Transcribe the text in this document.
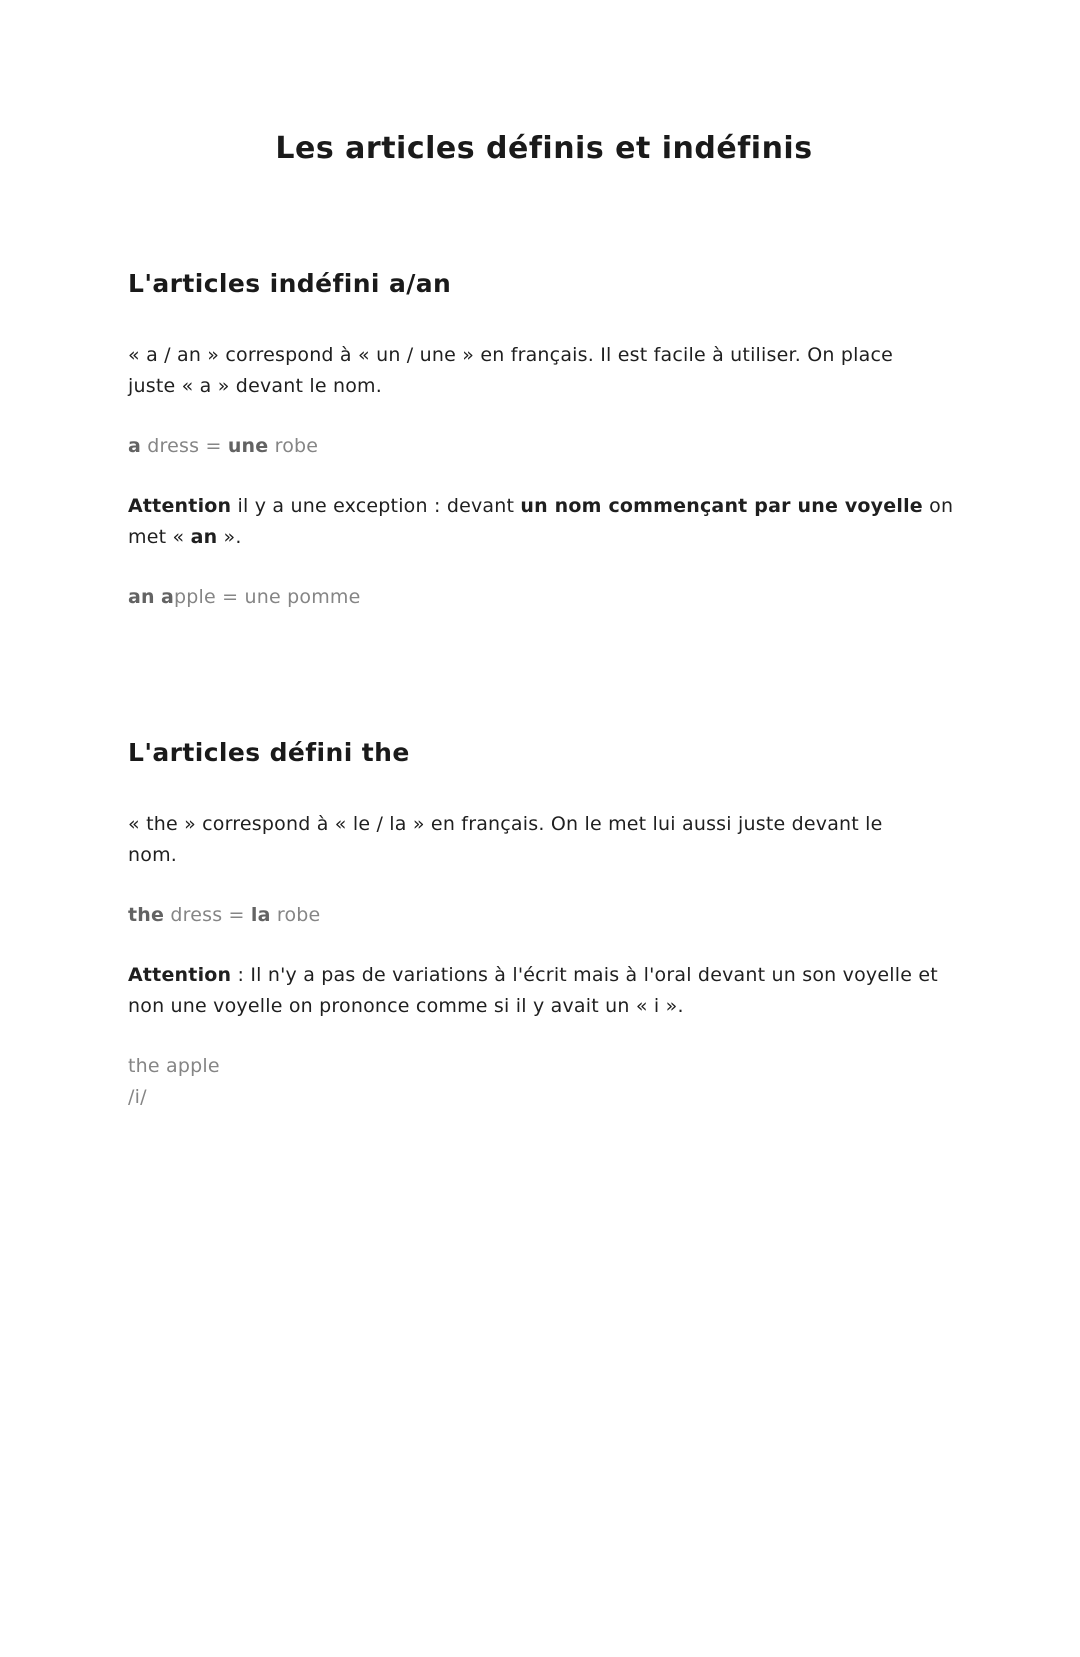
Les articles définis et indéfinis
L'articles indéfini a/an
« a / an » correspond à « un / une » en français. Il est facile à utiliser. On place
juste « a » devant le nom.
a dress = une robe
Attention il y a une exception : devant un nom commençant par une voyelle on
met « an ».
an apple = une pomme
L'articles défini the
« the » correspond à « le / la » en français. On le met lui aussi juste devant le
nom.
the dress = la robe
Attention : Il n'y a pas de variations à l'écrit mais à l'oral devant un son voyelle et
non une voyelle on prononce comme si il y avait un « i ».
the apple
/i/
